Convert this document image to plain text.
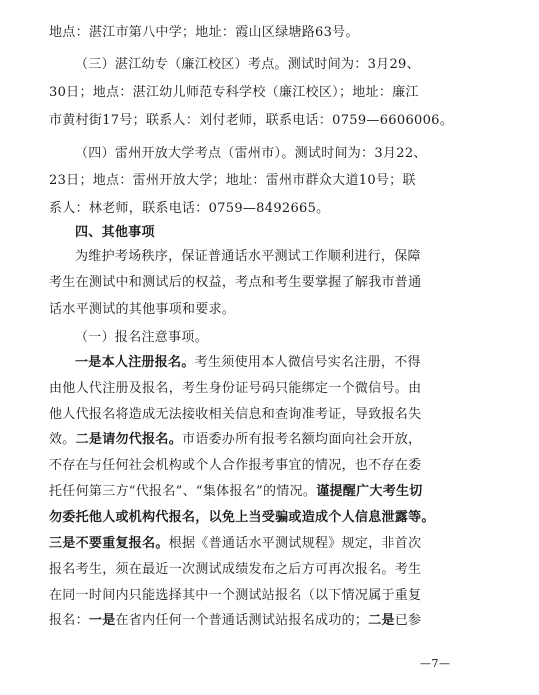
地点：湛江市第八中学；地址：霞山区绿塘路63号。
（三）湛江幼专（廉江校区）考点。测试时间为：3月29、
30日；地点：湛江幼儿师范专科学校（廉江校区）；地址：廉江
市黄村街17号；联系人：刘付老师，联系电话：0759—6606006。
（四）雷州开放大学考点（雷州市）。测试时间为：3月22、
23日；地点：雷州开放大学；地址：雷州市群众大道10号；联
系人：林老师，联系电话：0759—8492665。
四、其他事项
为维护考场秩序，保证普通话水平测试工作顺利进行，保障
考生在测试中和测试后的权益，考点和考生要掌握了解我市普通
话水平测试的其他事项和要求。
（一）报名注意事项。
一是本人注册报名。考生须使用本人微信号实名注册，不得
由他人代注册及报名，考生身份证号码只能绑定一个微信号。由
他人代报名将造成无法接收相关信息和查询准考证，导致报名失
效。二是请勿代报名。市语委办所有报考名额均面向社会开放，
不存在与任何社会机构或个人合作报考事宜的情况，也不存在委
托任何第三方“代报名”、“集体报名”的情况。谨提醒广大考生切
勿委托他人或机构代报名，以免上当受骗或造成个人信息泄露等。
三是不要重复报名。根据《普通话水平测试规程》规定，非首次
报名考生，须在最近一次测试成绩发布之后方可再次报名。考生
在同一时间内只能选择其中一个测试站报名（以下情况属于重复
报名：一是在省内任何一个普通话测试站报名成功的；二是已参
—7—
